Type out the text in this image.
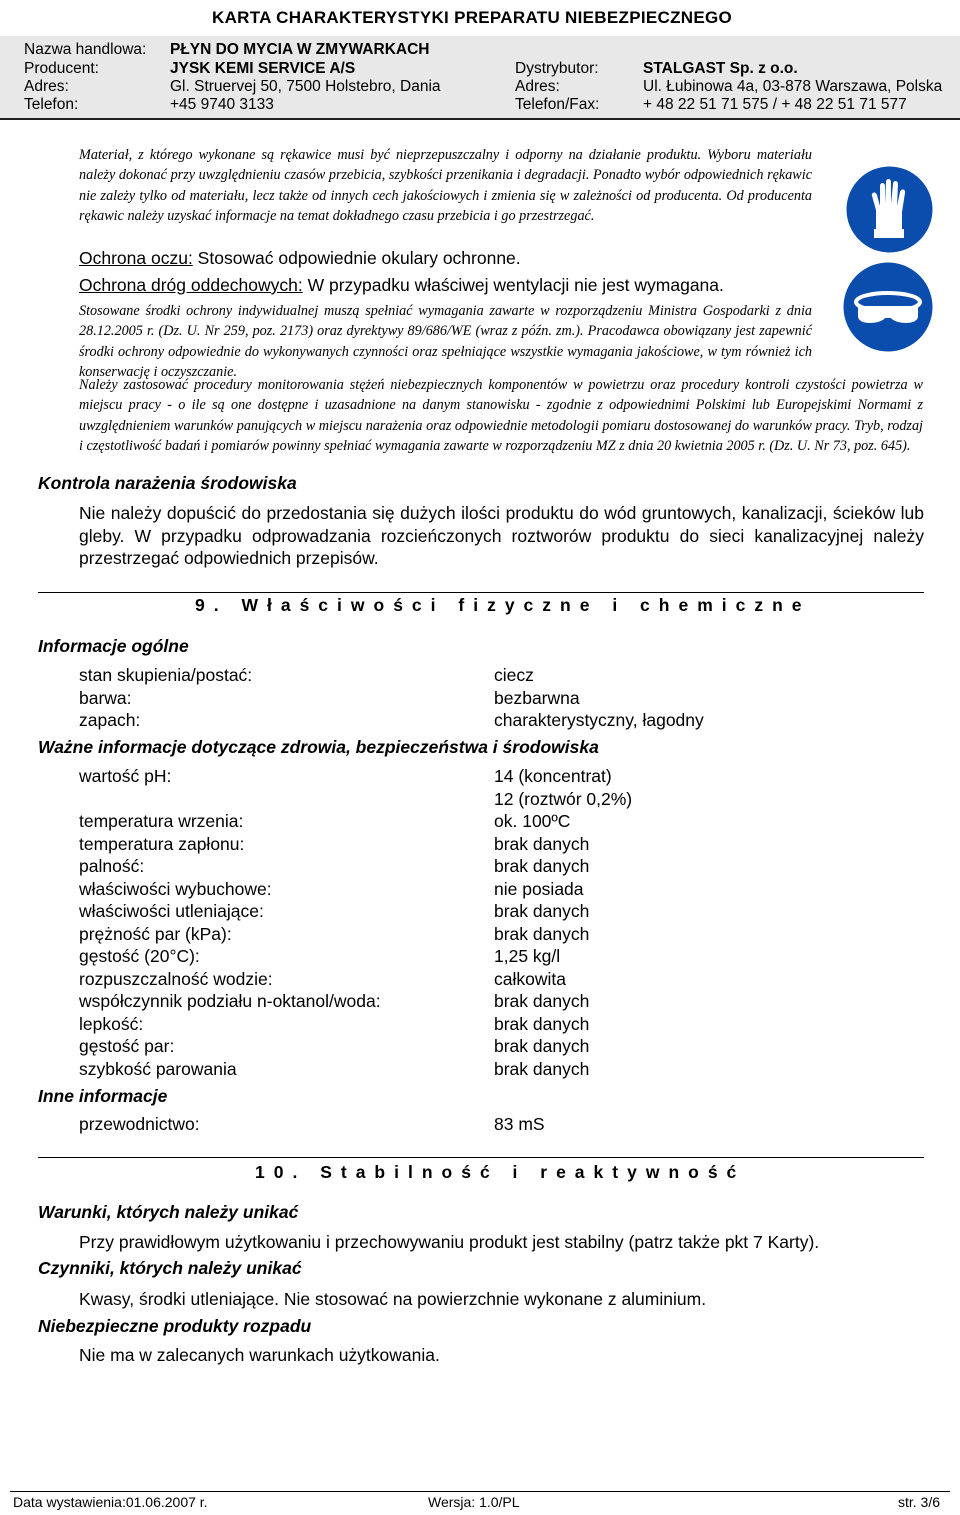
KARTA CHARAKTERYSTYKI PREPARATU NIEBEZPIECZNEGO
Nazwa handlowa: PŁYN DO MYCIA W ZMYWARKACH
Producent:	JYSK KEMI SERVICE A/S	Dystrybutor:	STALGAST Sp. z o.o.
Adres:	Gl. Struervej 50, 7500 Holstebro, Dania	Adres:	Ul. Łubinowa 4a, 03-878 Warszawa, Polska
Telefon:	+45 9740 3133	Telefon/Fax:	+ 48 22 51 71 575 / + 48 22 51 71 577
Materiał, z którego wykonane są rękawice musi być nieprzepuszczalny i odporny na działanie produktu. Wyboru materiału należy dokonać przy uwzględnieniu czasów przebicia, szybkości przenikania i degradacji. Ponadto wybór odpowiednich rękawic nie zależy tylko od materiału, lecz także od innych cech jakościowych i zmienia się w zależności od producenta. Od producenta rękawic należy uzyskać informacje na temat dokładnego czasu przebicia i go przestrzegać.
Ochrona oczu: Stosować odpowiednie okulary ochronne.
Ochrona dróg oddechowych: W przypadku właściwej wentylacji nie jest wymagana.
Stosowane środki ochrony indywidualnej muszą spełniać wymagania zawarte w rozporządzeniu Ministra Gospodarki z dnia 28.12.2005 r. (Dz. U. Nr 259, poz. 2173) oraz dyrektywy 89/686/WE (wraz z późn. zm.). Pracodawca obowiązany jest zapewnić środki ochrony odpowiednie do wykonywanych czynności oraz spełniające wszystkie wymagania jakościowe, w tym również ich konserwację i oczyszczanie.
Należy zastosować procedury monitorowania stężeń niebezpiecznych komponentów w powietrzu oraz procedury kontroli czystości powietrza w miejscu pracy - o ile są one dostępne i uzasadnione na danym stanowisku - zgodnie z odpowiednimi Polskimi lub Europejskimi Normami z uwzględnieniem warunków panujących w miejscu narażenia oraz odpowiednie metodologii pomiaru dostosowanej do warunków pracy. Tryb, rodzaj i częstotliwość badań i pomiarów powinny spełniać wymagania zawarte w rozporządzeniu MZ z dnia 20 kwietnia 2005 r. (Dz. U. Nr 73, poz. 645).
Kontrola narażenia środowiska
Nie należy dopuścić do przedostania się dużych ilości produktu do wód gruntowych, kanalizacji, ścieków lub gleby. W przypadku odprowadzania rozcieńczonych roztworów produktu do sieci kanalizacyjnej należy przestrzegać odpowiednich przepisów.
9. Właściwości fizyczne i chemiczne
Informacje ogólne
stan skupienia/postać:	ciecz
barwa:	bezbarwna
zapach:	charakterystyczny, łagodny
Ważne informacje dotyczące zdrowia, bezpieczeństwa i środowiska
wartość pH:	14 (koncentrat)
12 (roztwór 0,2%)
temperatura wrzenia:	ok. 100ºC
temperatura zapłonu:	brak danych
palność:	brak danych
właściwości wybuchowe:	nie posiada
właściwości utleniające:	brak danych
prężność par (kPa):	brak danych
gęstość (20°C):	1,25 kg/l
rozpuszczalność wodzie:	całkowita
współczynnik podziału n-oktanol/woda:	brak danych
lepkość:	brak danych
gęstość par:	brak danych
szybkość parowania	brak danych
Inne informacje
przewodnictwo:	83 mS
10. Stabilność i reaktywność
Warunki, których należy unikać
Przy prawidłowym użytkowaniu i przechowywaniu produkt jest stabilny (patrz także pkt 7 Karty).
Czynniki, których należy unikać
Kwasy, środki utleniające. Nie stosować na powierzchnie wykonane z aluminium.
Niebezpieczne produkty rozpadu
Nie ma w zalecanych warunkach użytkowania.
Data wystawienia:01.06.2007 r.	Wersja: 1.0/PL	str. 3/6
